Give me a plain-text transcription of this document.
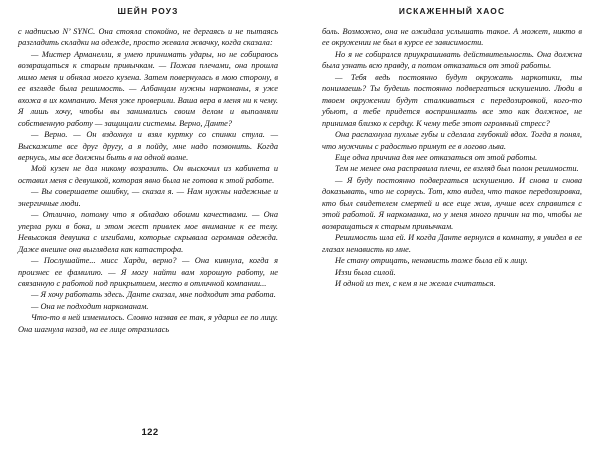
ШЕЙН РОУЗ

с надписью N’ SYNC. Она стояла спокойно, не дергаясь и не пытаясь разгладить складки на одежде, просто жевала жвачку, когда сказала:

— Мистер Арманелли, я умею принимать удары, но не собираюсь возвращаться к старым привычкам. — Пожав плечами, она прошла мимо меня и обняла моего кузена. Затем повернулась в мою сторону, в ее взгляде была решимость. — Албанцам нужны наркоманы, я уже вхожа в их компанию. Меня уже проверили. Ваша вера в меня ни к чему. Я лишь хочу, чтобы вы занимались своим делом и выполняли собственную работу — защищали системы. Верно, Данте?

— Верно. — Он вздохнул и взял куртку со спинки стула. — Выскажите все друг другу, а я пойду, мне надо позвонить. Когда вернусь, мы все должны быть в на одной волне.

Мой кузен не дал никому возразить. Он выскочил из кабинета и оставил меня с девушкой, которая явно была не готова к этой работе.

— Вы совершаете ошибку, — сказал я. — Нам нужны надежные и энергичные люди.

— Отлично, потому что я обладаю обоими качествами. — Она уперла руки в бока, и этом жест привлек мое внимание к ее телу. Невысокая девушка с изгибами, которые скрывала огромная одежда. Даже внешне она выглядела как катастрофа.

— Послушайте... мисс Харди, верно? — Она кивнула, когда я произнес ее фамилию. — Я могу найти вам хорошую работу, не связанную с работой под прикрытием, место в отличной компании...

— Я хочу работать здесь. Данте сказал, мне подходит эта работа.

— Она не подходит наркоманам.

Что-то в ней изменилось. Словно назвав ее так, я ударил ее по лицу. Она шагнула назад, на ее лице отразилась

122
ИСКАЖЕННЫЙ ХАОС

боль. Возможно, она не ожидала услышать такое. А может, никто в ее окружении не был в курсе ее зависимости.

Но я не собирался приукрашивать действительность. Она должна была узнать всю правду, а потом отказаться от этой работы.

— Тебя ведь постоянно будут окружать наркотики, ты понимаешь? Ты будешь постоянно подвергаться искушению. Люди в твоем окружении будут сталкиваться с передозировкой, кого-то убьют, а тебе придется воспринимать все это как должное, не принимая близко к сердцу. К чему тебе этот огромный стресс?

Она распахнула пухлые губы и сделала глубокий вдох. Тогда я понял, что мужчины с радостью примут ее в логово льва.

Еще одна причина для нее отказаться от этой работы.

Тем не менее она расправила плечи, ее взгляд был полон решимости.

— Я буду постоянно подвергаться искушению. И снова и снова доказывать, что не сорвусь. Тот, кто видел, что такое передозировка, кто был свидетелем смертей и все еще жив, лучше всех справится с этой работой. Я наркоманка, но у меня много причин на то, чтобы не возвращаться к старым привычкам.

Решимость шла ей. И когда Данте вернулся в комнату, я увидел в ее глазах ненависть ко мне.

Не стану отрицать, ненависть тоже была ей к лицу.

Иззи была силой.

И одной из тех, с кем я не желал считаться.
